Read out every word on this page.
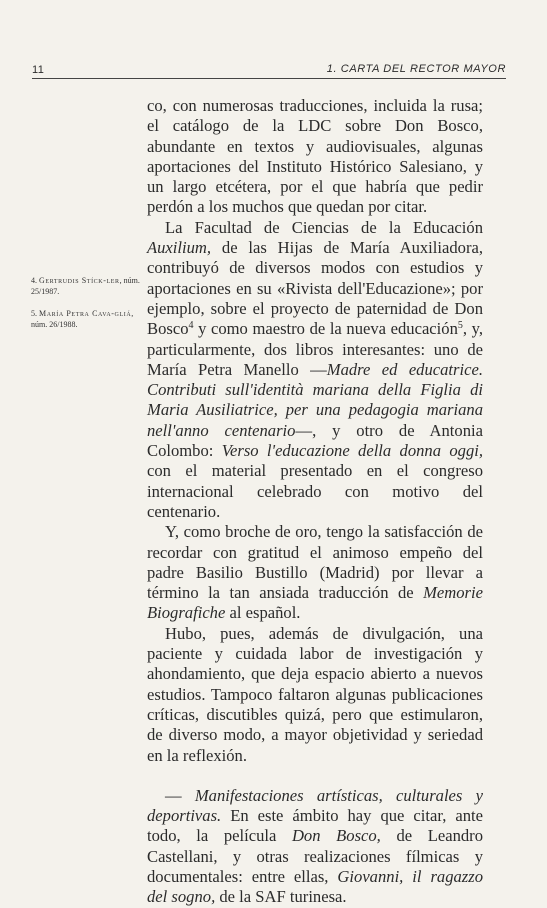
11	1. CARTA DEL RECTOR MAYOR

4. Gertrudis Stíck-ler, núm. 25/1987.

5. María Petra Cava-gliá, núm. 26/1988.

co, con numerosas traducciones, incluida la rusa; el catálogo de la LDC sobre Don Bosco, abundante en textos y audiovisuales, algunas aportaciones del Instituto Histórico Salesiano, y un largo etcétera, por el que habría que pedir perdón a los muchos que quedan por citar.

La Facultad de Ciencias de la Educación Auxilium, de las Hijas de María Auxiliadora, contribuyó de diversos modos con estudios y aportaciones en su «Rivista dell'Educazione»; por ejemplo, sobre el proyecto de paternidad de Don Bosco$^4$ y como maestro de la nueva educación$^5$, y, particularmente, dos libros interesantes: uno de María Petra Manello —Madre ed educatrice. Contributi sull'identità mariana della Figlia di Maria Ausiliatrice, per una pedagogia mariana nell'anno centenario—, y otro de Antonia Colombo: Verso l'educazione della donna oggi, con el material presentado en el congreso internacional celebrado con motivo del centenario.

Y, como broche de oro, tengo la satisfacción de recordar con gratitud el animoso empeño del padre Basilio Bustillo (Madrid) por llevar a término la tan ansiada traducción de Memorie Biografiche al español.

Hubo, pues, además de divulgación, una paciente y cuidada labor de investigación y ahondamiento, que deja espacio abierto a nuevos estudios. Tampoco faltaron algunas publicaciones críticas, discutibles quizá, pero que estimularon, de diverso modo, a mayor objetividad y seriedad en la reflexión.

— Manifestaciones artísticas, culturales y deportivas. En este ámbito hay que citar, ante todo, la película Don Bosco, de Leandro Castellani, y otras realizaciones fílmicas y documentales: entre ellas, Giovanni, il ragazzo del sogno, de la SAF turinesa.
